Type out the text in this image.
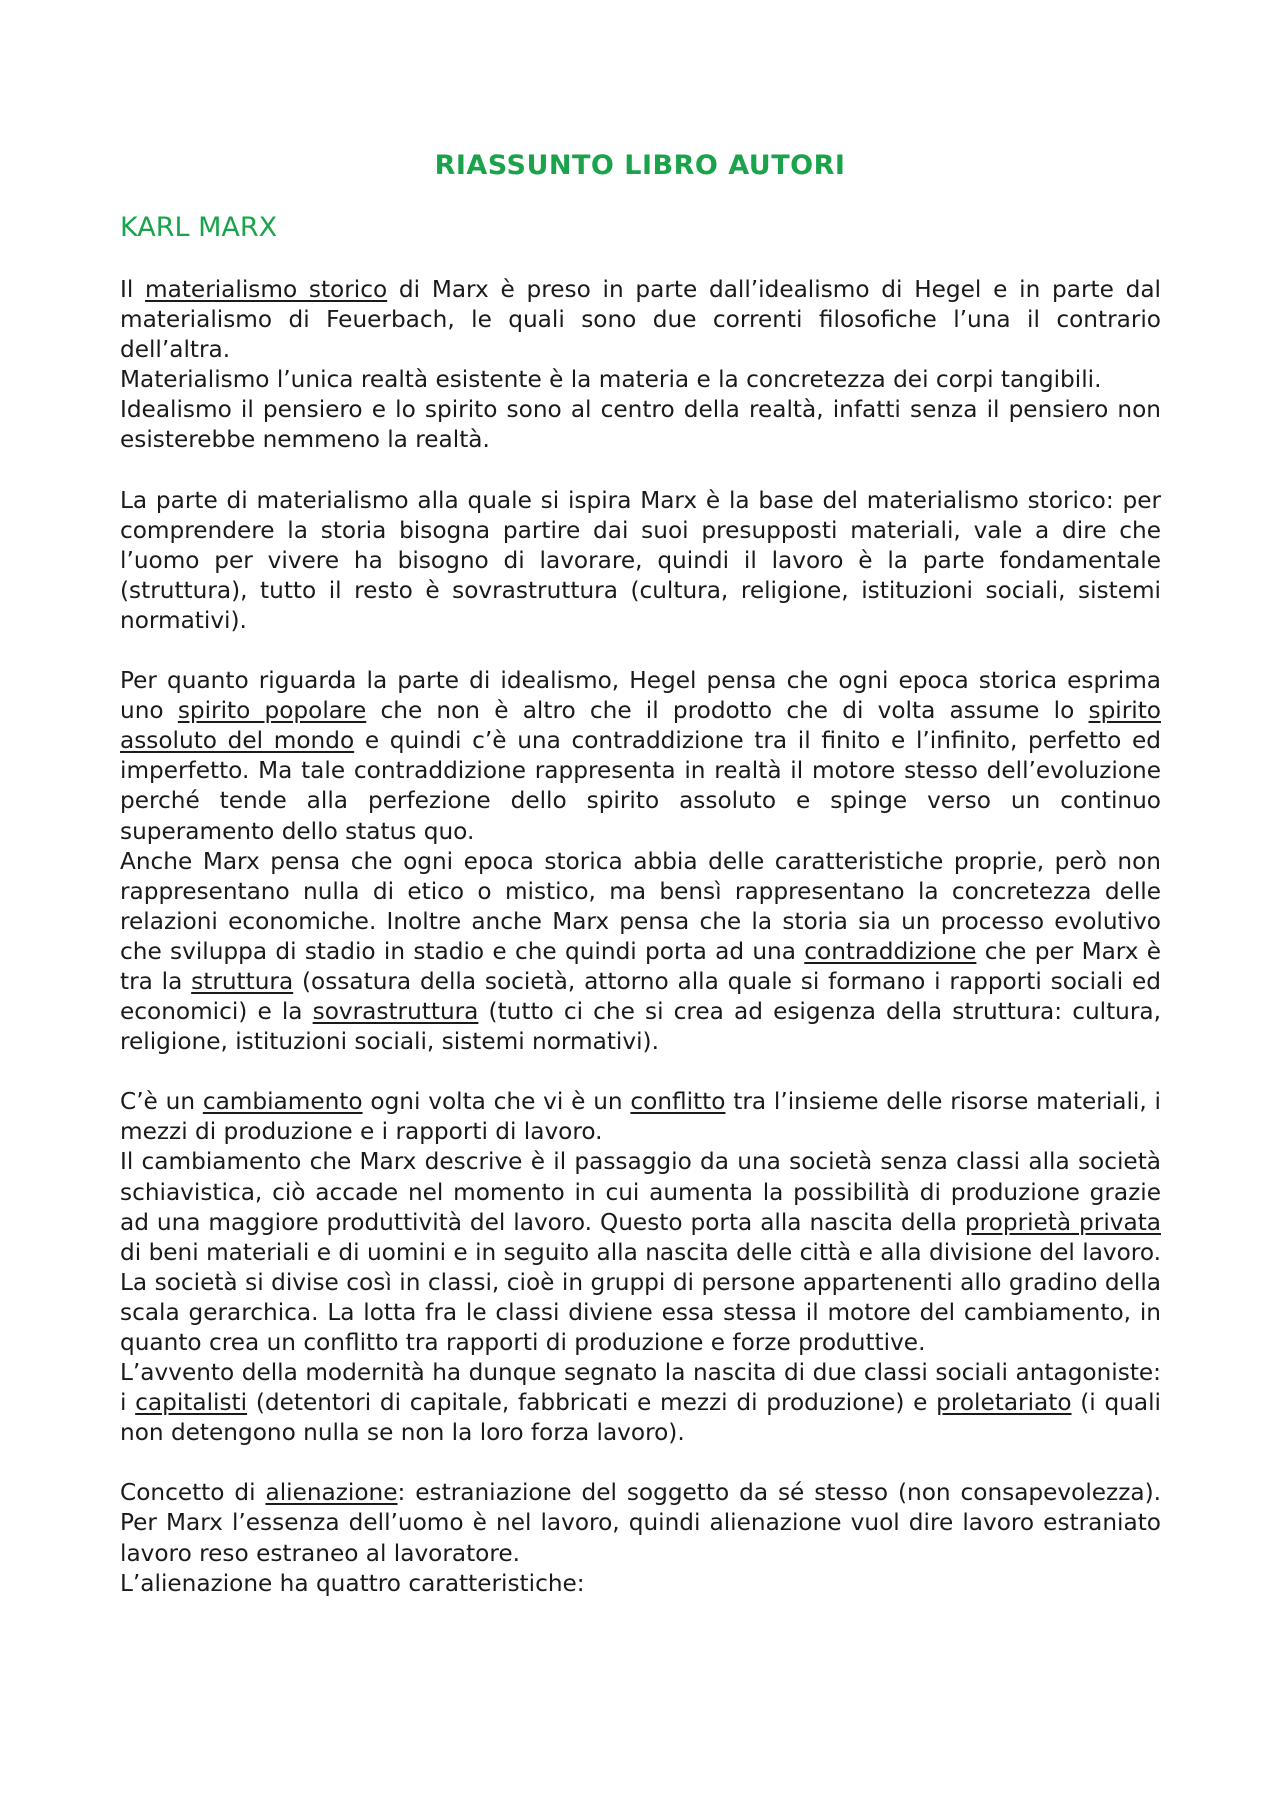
RIASSUNTO LIBRO AUTORI
KARL MARX

Il materialismo storico di Marx è preso in parte dall’idealismo di Hegel e in parte dal materialismo di Feuerbach, le quali sono due correnti filosofiche l’una il contrario dell’altra.

Materialismo l’unica realtà esistente è la materia e la concretezza dei corpi tangibili.

Idealismo il pensiero e lo spirito sono al centro della realtà, infatti senza il pensiero non esisterebbe nemmeno la realtà.

La parte di materialismo alla quale si ispira Marx è la base del materialismo storico: per comprendere la storia bisogna partire dai suoi presupposti materiali, vale a dire che l’uomo per vivere ha bisogno di lavorare, quindi il lavoro è la parte fondamentale (struttura), tutto il resto è sovrastruttura (cultura, religione, istituzioni sociali, sistemi normativi).

Per quanto riguarda la parte di idealismo, Hegel pensa che ogni epoca storica esprima uno spirito popolare che non è altro che il prodotto che di volta assume lo spirito assoluto del mondo e quindi c’è una contraddizione tra il finito e l’infinito, perfetto ed imperfetto. Ma tale contraddizione rappresenta in realtà il motore stesso dell’evoluzione perché tende alla perfezione dello spirito assoluto e spinge verso un continuo superamento dello status quo.

Anche Marx pensa che ogni epoca storica abbia delle caratteristiche proprie, però non rappresentano nulla di etico o mistico, ma bensì rappresentano la concretezza delle relazioni economiche. Inoltre anche Marx pensa che la storia sia un processo evolutivo che sviluppa di stadio in stadio e che quindi porta ad una contraddizione che per Marx è tra la struttura (ossatura della società, attorno alla quale si formano i rapporti sociali ed economici) e la sovrastruttura (tutto ci che si crea ad esigenza della struttura: cultura, religione, istituzioni sociali, sistemi normativi).

C’è un cambiamento ogni volta che vi è un conflitto tra l’insieme delle risorse materiali, i mezzi di produzione e i rapporti di lavoro.

Il cambiamento che Marx descrive è il passaggio da una società senza classi alla società schiavistica, ciò accade nel momento in cui aumenta la possibilità di produzione grazie ad una maggiore produttività del lavoro. Questo porta alla nascita della proprietà privata di beni materiali e di uomini e in seguito alla nascita delle città e alla divisione del lavoro. La società si divise così in classi, cioè in gruppi di persone appartenenti allo gradino della scala gerarchica. La lotta fra le classi diviene essa stessa il motore del cambiamento, in quanto crea un conflitto tra rapporti di produzione e forze produttive.

L’avvento della modernità ha dunque segnato la nascita di due classi sociali antagoniste: i capitalisti (detentori di capitale, fabbricati e mezzi di produzione) e proletariato (i quali non detengono nulla se non la loro forza lavoro).

Concetto di alienazione: estraniazione del soggetto da sé stesso (non consapevolezza). Per Marx l’essenza dell’uomo è nel lavoro, quindi alienazione vuol dire lavoro estraniato lavoro reso estraneo al lavoratore.

L’alienazione ha quattro caratteristiche:
